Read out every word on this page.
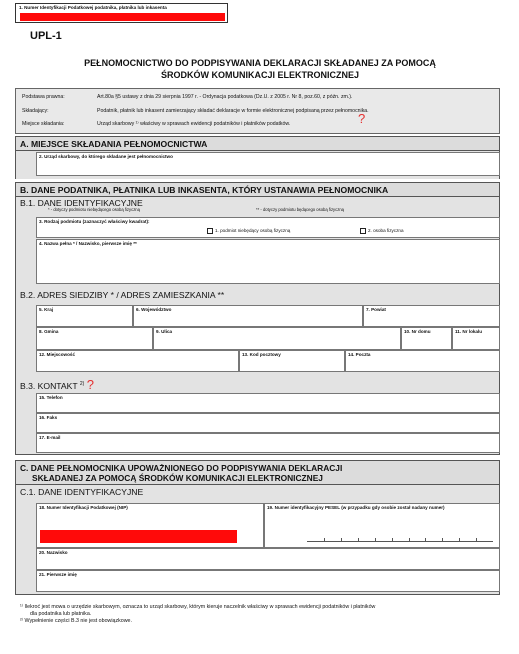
1. Numer Identyfikacji Podatkowej podatnika, płatnika lub inkasenta
UPL-1
PEŁNOMOCNICTWO DO PODPISYWANIA DEKLARACJI SKŁADANEJ ZA POMOCĄ
ŚRODKÓW KOMUNIKACJI ELEKTRONICZNEJ
Podstawa prawna:	Art.80a §5 ustawy z dnia 29 sierpnia 1997 r. - Ordynacja podatkowa (Dz.U. z 2005 r. Nr 8, poz.60, z późn. zm.).
Składający:	Podatnik, płatnik lub inkasent zamierzający składać deklaracje w formie elektronicznej podpisaną przez pełnomocnika.
Miejsce składania:	Urząd skarbowy ¹⁾ właściwy w sprawach ewidencji podatników i płatników podatków.	?
A. MIEJSCE SKŁADANIA PEŁNOMOCNICTWA
2. Urząd skarbowy, do którego składane jest pełnomocnictwo
B. DANE PODATNIKA, PŁATNIKA LUB INKASENTA, KTÓRY USTANAWIA PEŁNOMOCNIKA
B.1. DANE IDENTYFIKACYJNE
* - dotyczy podmiotu niebędącego osobą fizyczną	** - dotyczy podmiotu będącego osobą fizyczną
3. Rodzaj podmiotu (zaznaczyć właściwy kwadrat):
1. podmiot niebędący osobą fizyczną	2. osoba fizyczna
4. Nazwa pełna * / Nazwisko, pierwsze imię **
B.2. ADRES SIEDZIBY * / ADRES ZAMIESZKANIA **
5. Kraj	6. Województwo	7. Powiat
8. Gmina	9. Ulica	10. Nr domu	11. Nr lokalu
12. Miejscowość	13. Kod pocztowy	14. Poczta
B.3. KONTAKT $^{2)}$ ?
15. Telefon
16. Faks
17. E-mail
C. DANE PEŁNOMOCNIKA UPOWAŻNIONEGO DO PODPISYWANIA DEKLARACJI
SKŁADANEJ ZA POMOCĄ ŚRODKÓW KOMUNIKACJI ELEKTRONICZNEJ
C.1. DANE IDENTYFIKACYJNE
18. Numer Identyfikacji Podatkowej (NIP)	19. Numer identyfikacyjny PESEL (w przypadku gdy osobie został nadany numer)
20. Nazwisko
21. Pierwsze imię
¹⁾ Ilekroć jest mowa o urzędzie skarbowym, oznacza to urząd skarbowy, którym kieruje naczelnik właściwy w sprawach ewidencji podatników i płatników
dla podatnika lub płatnika.
²⁾ Wypełnienie części B.3 nie jest obowiązkowe.
